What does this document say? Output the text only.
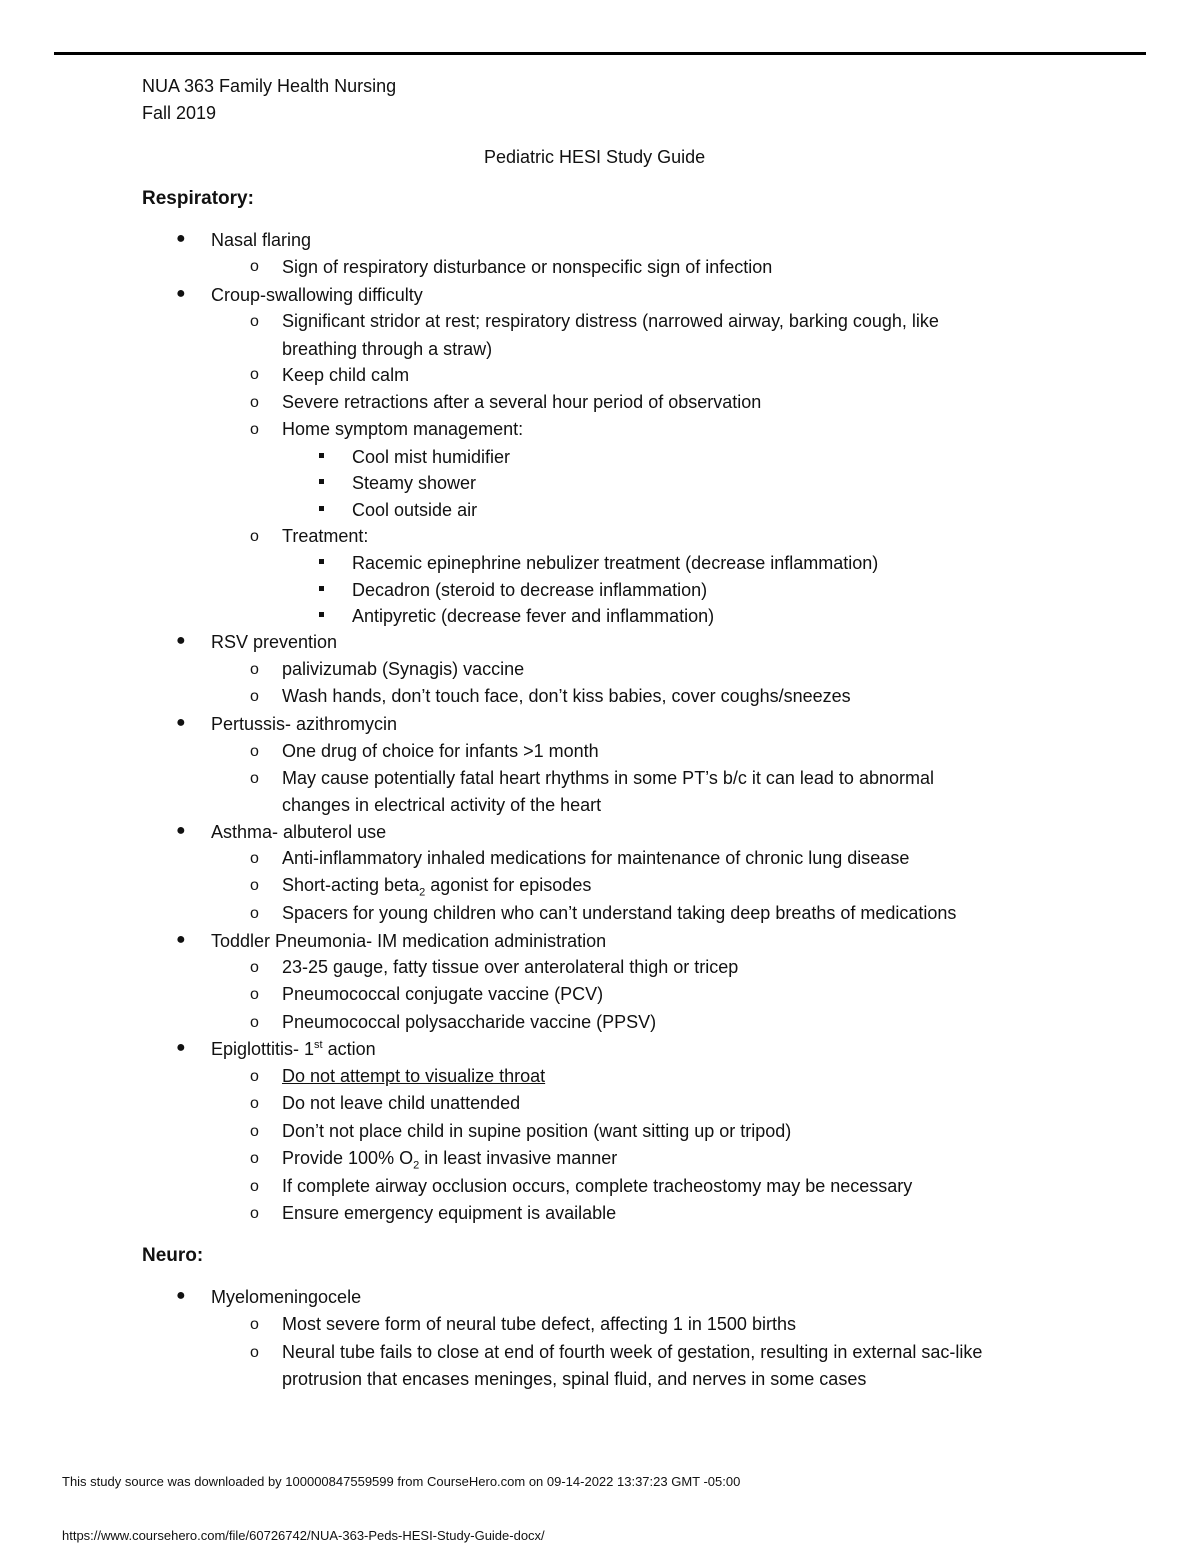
NUA 363 Family Health Nursing
Fall 2019
Pediatric HESI Study Guide
Respiratory:
● Nasal flaring
o Sign of respiratory disturbance or nonspecific sign of infection
● Croup-swallowing difficulty
o Significant stridor at rest; respiratory distress (narrowed airway, barking cough, like
breathing through a straw)
o Keep child calm
o Severe retractions after a several hour period of observation
o Home symptom management:
Cool mist humidifier
Steamy shower
Cool outside air
o Treatment:
Racemic epinephrine nebulizer treatment (decrease inflammation)
Decadron (steroid to decrease inflammation)
Antipyretic (decrease fever and inflammation)
● RSV prevention
o palivizumab (Synagis) vaccine
o Wash hands, don’t touch face, don’t kiss babies, cover coughs/sneezes
● Pertussis- azithromycin
o One drug of choice for infants >1 month
o May cause potentially fatal heart rhythms in some PT’s b/c it can lead to abnormal
changes in electrical activity of the heart
● Asthma- albuterol use
o Anti-inflammatory inhaled medications for maintenance of chronic lung disease
o Short-acting beta$_2$ agonist for episodes
o Spacers for young children who can’t understand taking deep breaths of medications
● Toddler Pneumonia- IM medication administration
o 23-25 gauge, fatty tissue over anterolateral thigh or tricep
o Pneumococcal conjugate vaccine (PCV)
o Pneumococcal polysaccharide vaccine (PPSV)
● Epiglottitis- 1st action
o Do not attempt to visualize throat
o Do not leave child unattended
o Don’t not place child in supine position (want sitting up or tripod)
o Provide 100% $O_2$ in least invasive manner
o If complete airway occlusion occurs, complete tracheostomy may be necessary
o Ensure emergency equipment is available
Neuro:
● Myelomeningocele
o Most severe form of neural tube defect, affecting 1 in 1500 births
o Neural tube fails to close at end of fourth week of gestation, resulting in external sac-like
protrusion that encases meninges, spinal fluid, and nerves in some cases
This study source was downloaded by 100000847559599 from CourseHero.com on 09-14-2022 13:37:23 GMT -05:00
https://www.coursehero.com/file/60726742/NUA-363-Peds-HESI-Study-Guide-docx/
